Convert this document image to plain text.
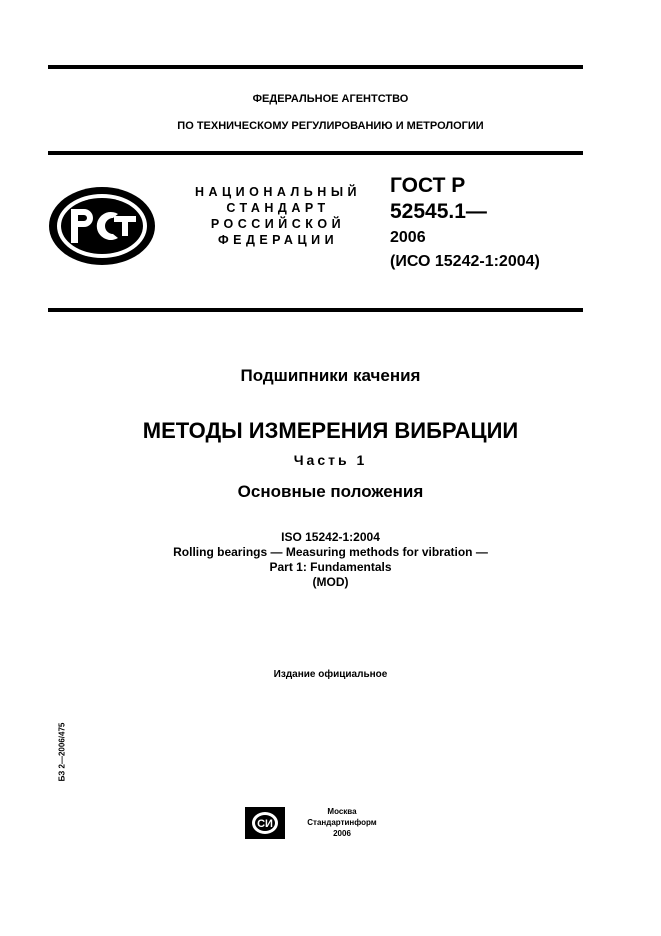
ФЕДЕРАЛЬНОЕ АГЕНТСТВО
ПО ТЕХНИЧЕСКОМУ РЕГУЛИРОВАНИЮ И МЕТРОЛОГИИ
НАЦИОНАЛЬНЫЙ
СТАНДАРТ
РОССИЙСКОЙ
ФЕДЕРАЦИИ
ГОСТ Р
52545.1—
2006
(ИСО 15242-1:2004)
Подшипники качения
МЕТОДЫ ИЗМЕРЕНИЯ ВИБРАЦИИ
Часть 1
Основные положения
ISO 15242-1:2004
Rolling bearings — Measuring methods for vibration —
Part 1: Fundamentals
(MOD)
Издание официальное
БЗ 2—2006/475
СИ
Москва
Стандартинформ
2006
